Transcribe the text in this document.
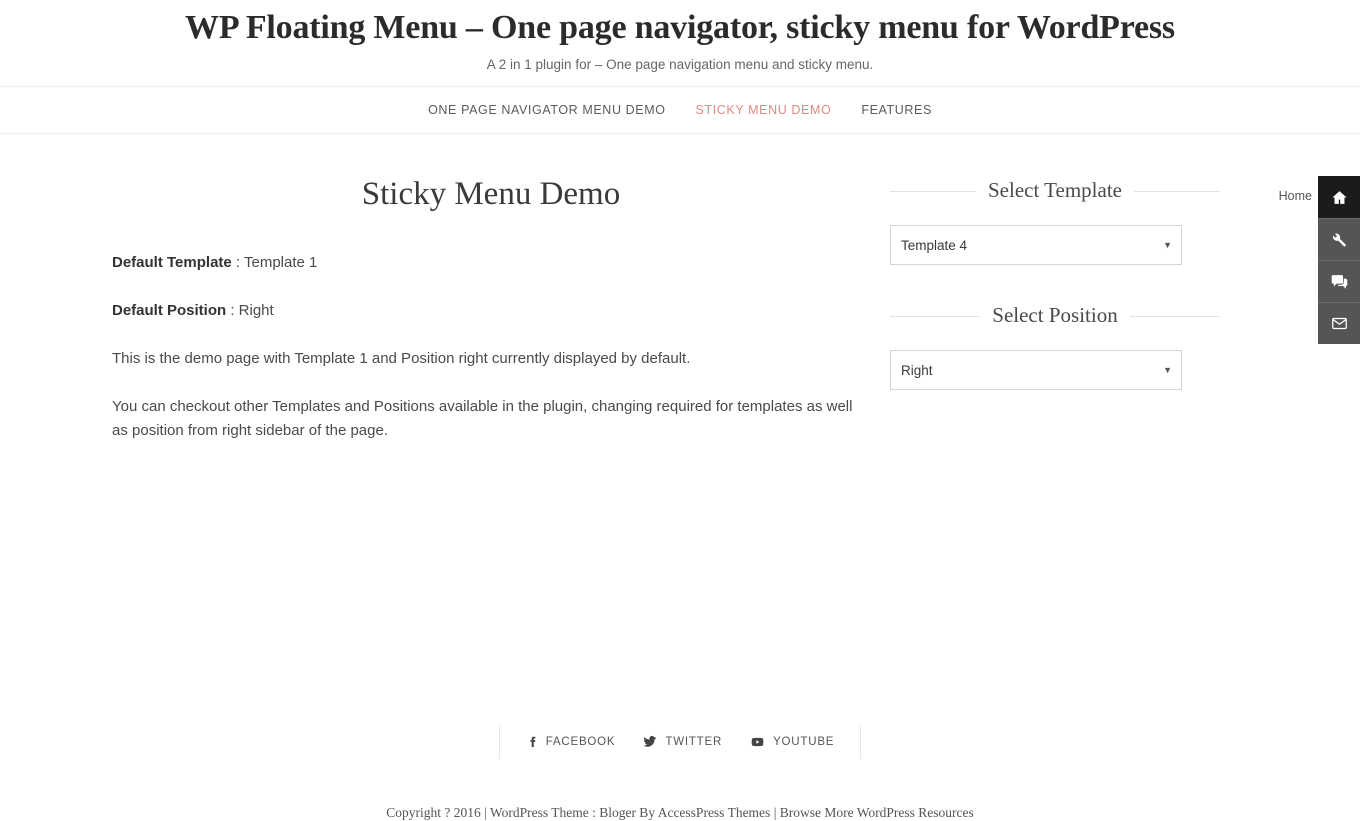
WP Floating Menu – One page navigator, sticky menu for WordPress
A 2 in 1 plugin for – One page navigation menu and sticky menu.
ONE PAGE NAVIGATOR MENU DEMO	STICKY MENU DEMO	FEATURES
Sticky Menu Demo

Default Template : Template 1

Default Position : Right

This is the demo page with Template 1 and Position right currently displayed by default.

You can checkout other Templates and Positions available in the plugin, changing required for templates as well as position from right sidebar of the page.

Select Template
Template 4	▼
Select Position
Right	▼
Home
FACEBOOK	TWITTER	YOUTUBE
Copyright ? 2016 | WordPress Theme : Bloger By AccessPress Themes | Browse More WordPress Resources
